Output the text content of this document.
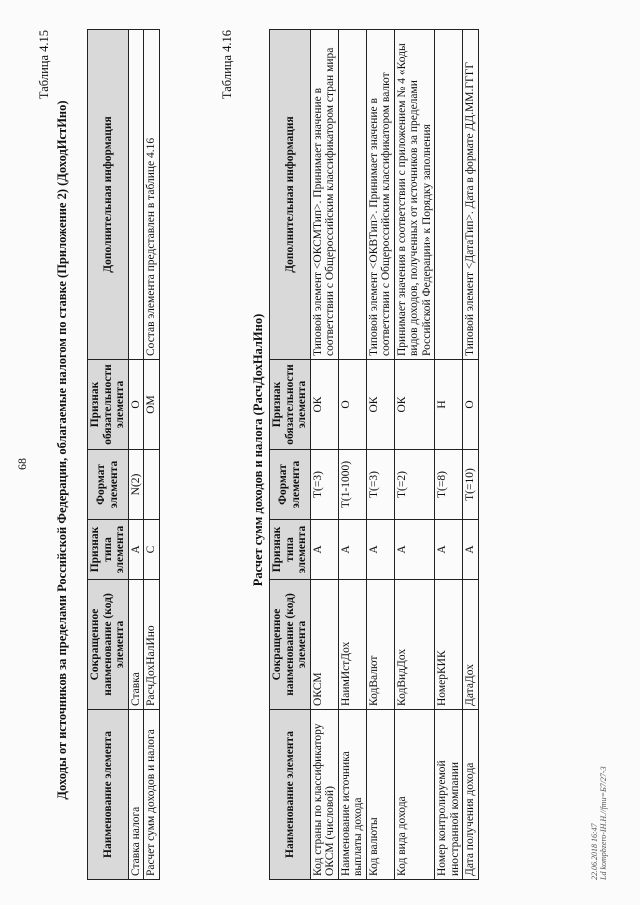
68
Таблица 4.15
Доходы от источников за пределами Российской Федерации, облагаемые налогом по ставке (Приложение 2) (ДоходИстИно)	Наименование элемента	Сокращенное наименование (код) элемента	Признак типа элемента	Формат элемента	Признак обязательности элемента	Дополнительная информация
Ставка налога	Ставка	А	N(2)	О	
Расчет сумм доходов и налога	РасчДохНалИно	С		ОМ	Состав элемента представлен в таблице 4.16
Таблица 4.16
Расчет сумм доходов и налога (РасчДохНалИно)
Наименование элемента	Сокращенное наименование (код) элемента	Признак типа элемента	Формат элемента	Признак обязательности элемента	Дополнительная информация
Код страны по классификатору ОКСМ (числовой)	ОКСМ	А	T(=3)	ОК	Типовой элемент <ОКСМТип>. Принимает значение в соответствии с Общероссийским классификатором стран мира
Наименование источника выплаты дохода	НаимИстДох	А	T(1-1000)	О	
Код валюты	КодВалют	А	T(=3)	ОК	Типовой элемент <ОКВТип>. Принимает значение в соответствии с Общероссийским классификатором валют
Код вида дохода	КодВидДох	А	T(=2)	ОК	Принимает значения в соответствии с приложением № 4 «Коды видов доходов, полученных от источников за пределами Российской Федерации» к Порядку заполнения
Номер контролируемой иностранной компании	НомерКИК	А	T(=8)	Н	
Дата получения дохода	ДатаДох	А	T(=10)	О	Типовой элемент <ДатаТип>. Дата в формате ДД.ММ.ГГГГ
22.06.2018 16:47 Ld kompbzero-IH.H.//fmu=Б7/27-3
